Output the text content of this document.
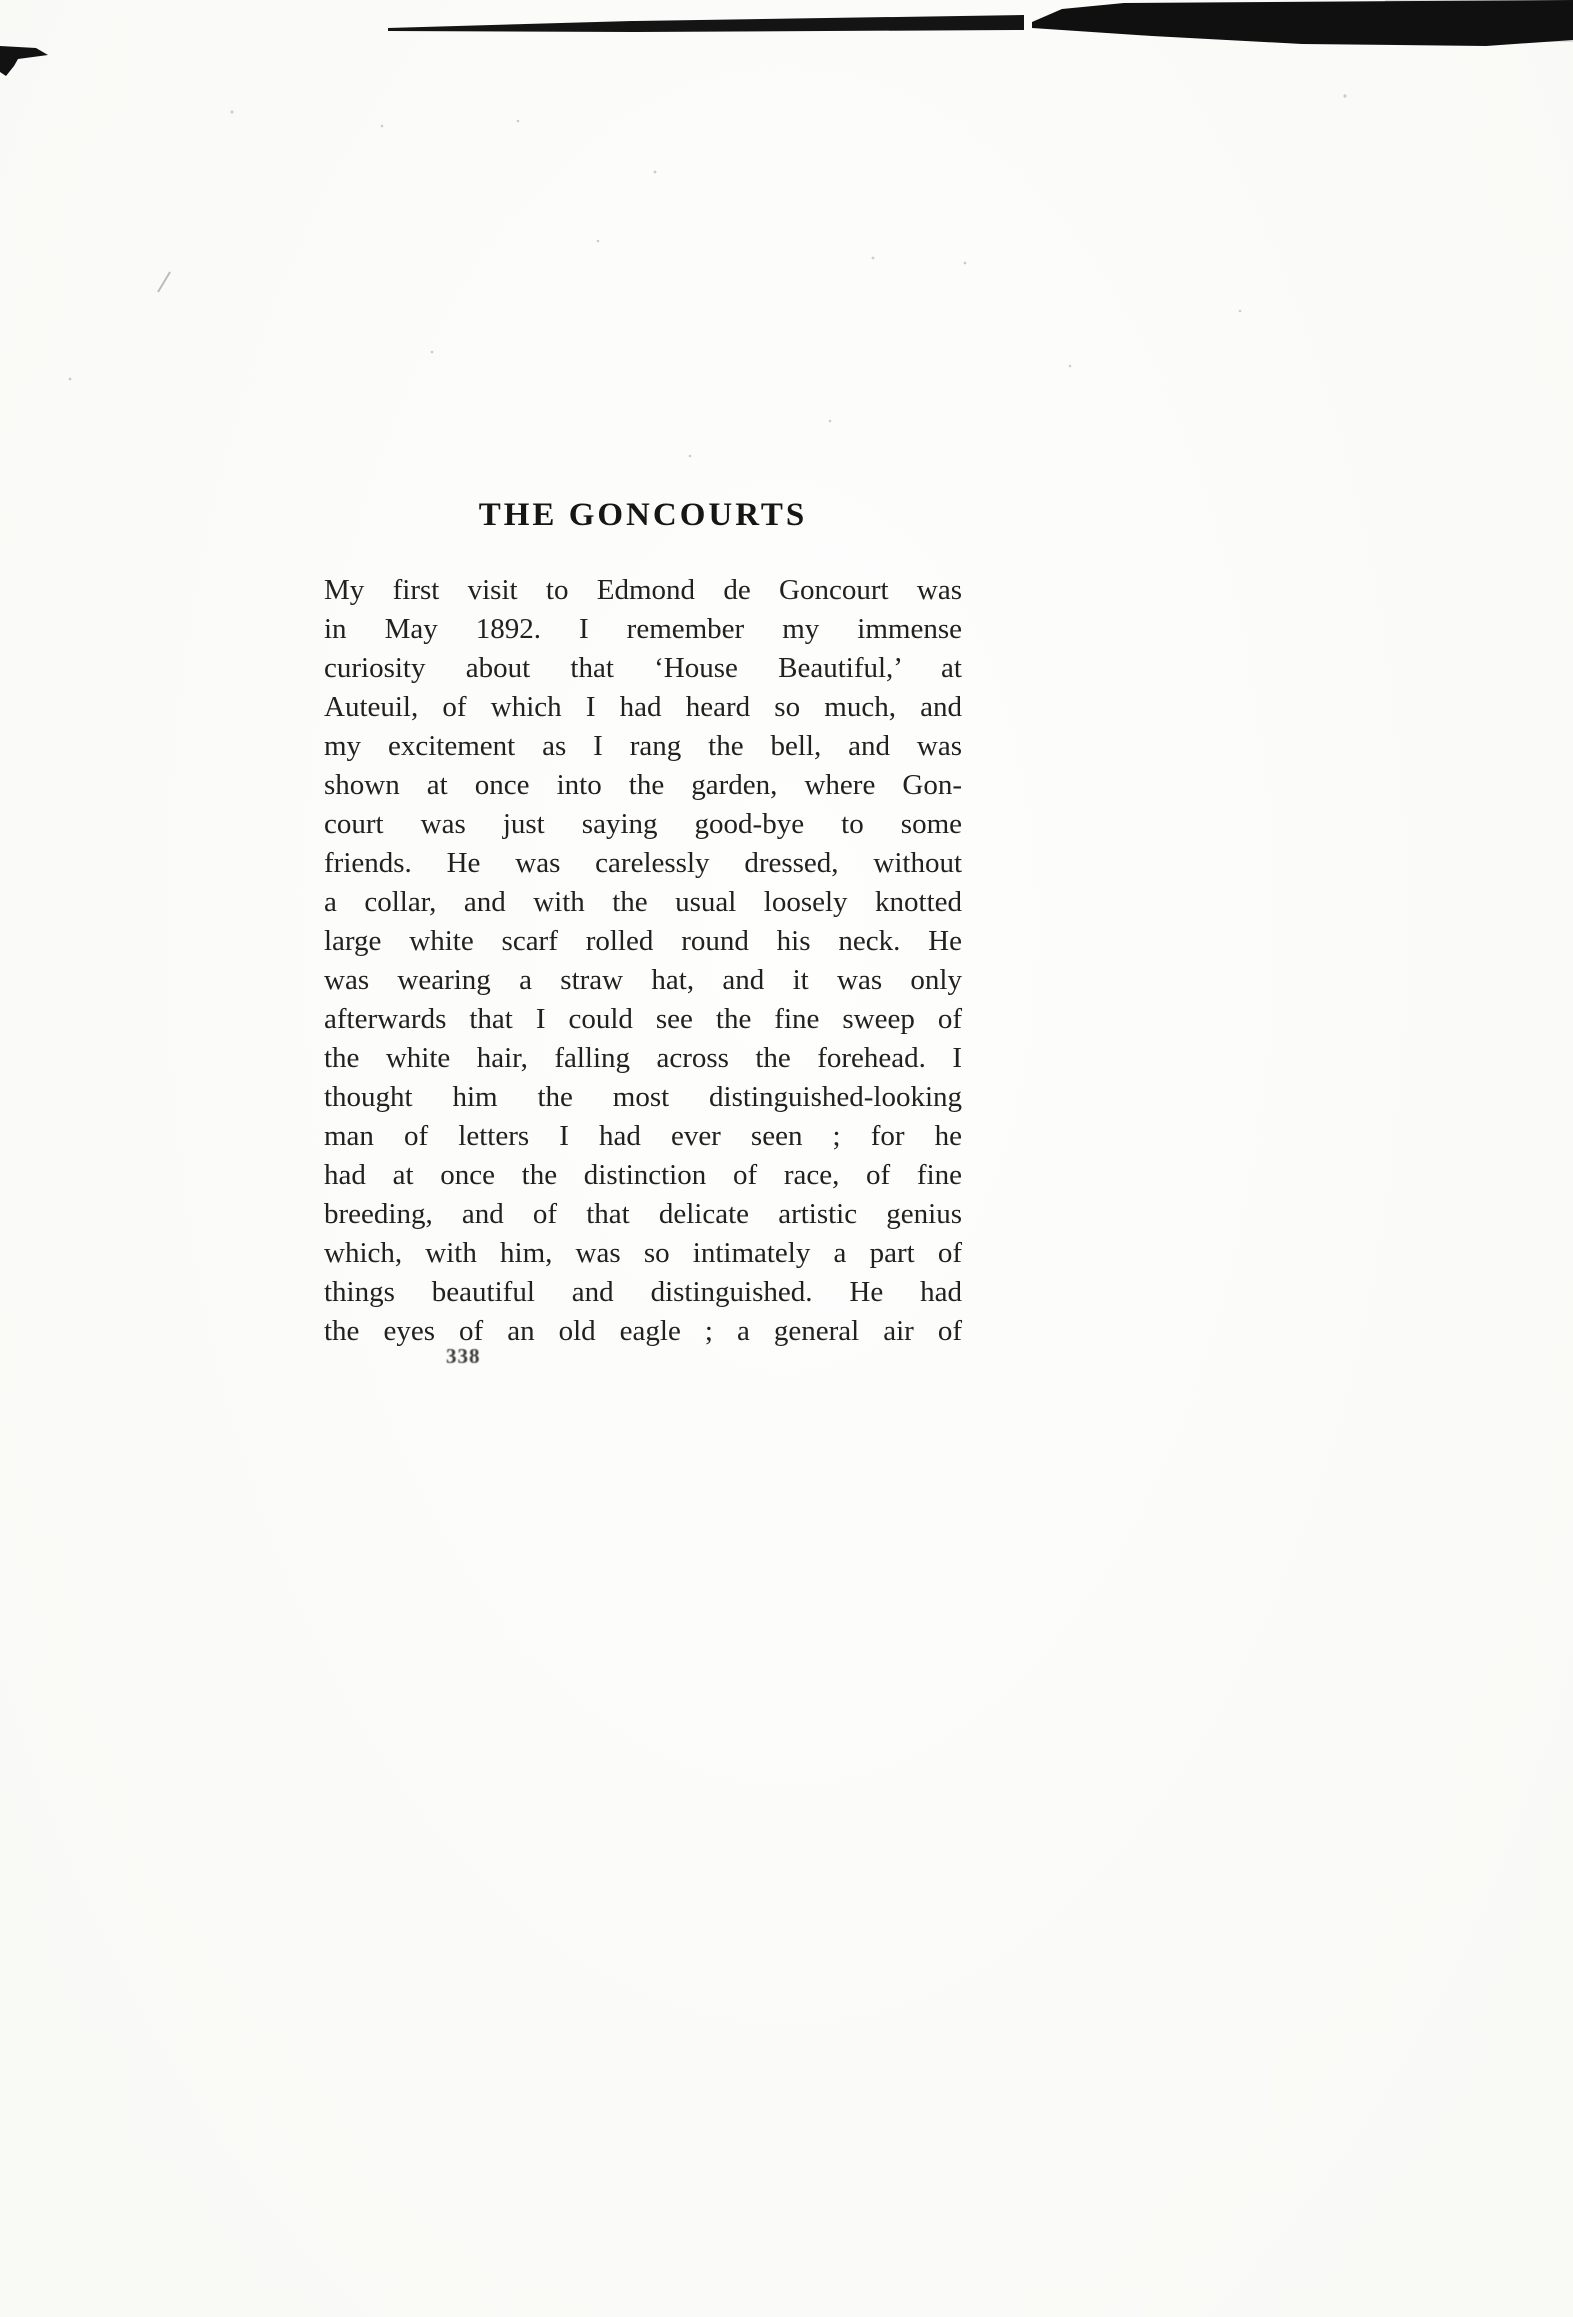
THE GONCOURTS
My first visit to Edmond de Goncourt was
in May 1892. I remember my immense
curiosity about that ‘House Beautiful,’ at
Auteuil, of which I had heard so much, and
my excitement as I rang the bell, and was
shown at once into the garden, where Gon-
court was just saying good-bye to some
friends. He was carelessly dressed, without
a collar, and with the usual loosely knotted
large white scarf rolled round his neck. He
was wearing a straw hat, and it was only
afterwards that I could see the fine sweep of
the white hair, falling across the forehead. I
thought him the most distinguished-looking
man of letters I had ever seen ; for he
had at once the distinction of race, of fine
breeding, and of that delicate artistic genius
which, with him, was so intimately a part of
things beautiful and distinguished. He had
the eyes of an old eagle ; a general air of
338
